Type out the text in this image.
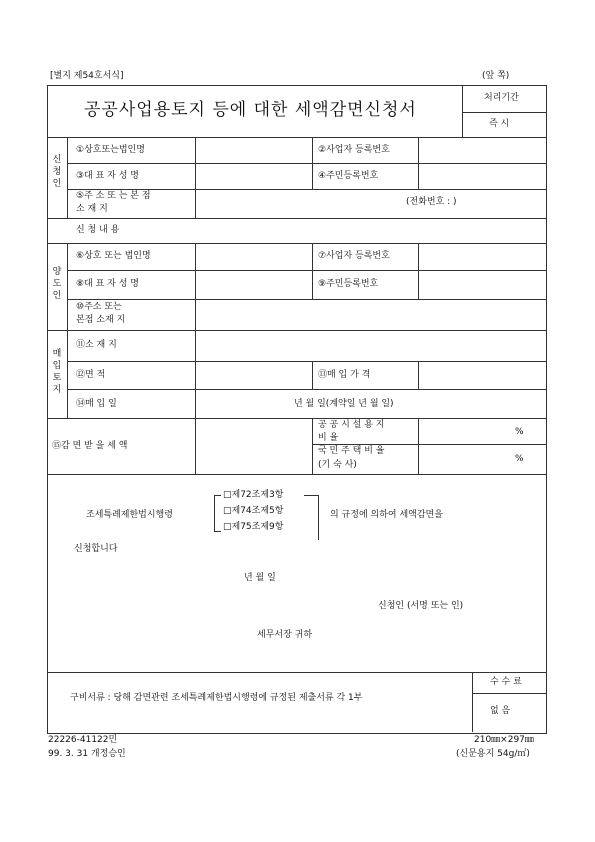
[별지 제54호서식]	(앞 쪽)
공공사업용토지 등에 대한 세액감면신청서
처리기간
즉 시
신
청
인
①상호또는법인명	②사업자 등록번호
③대 표 자 성 명	④주민등록번호
⑤주 소 또 는 본 점
소 재 지
(전화번호 : )
신 청 내 용
양
도
인
⑥상호 또는 법인명	⑦사업자 등록번호
⑧대 표 자 성 명	⑨주민등록번호
⑩주소 또는
본점 소재 지
매
입
토
지
⑪소 재 지
⑫면 적	⑬매 입 가 격
⑭매 입 일	년 월 일(계약일 년 월 일)
⑮감 면 받 을 세 액
공 공 시 설 용 지
비 율
%
국 민 주 택 비 율
(기 숙 사)
%
조세특례제한법시행령
□제72조제3항
□제74조제5항
□제75조제9항
의 규정에 의하여 세액감면을
신청합니다
년 월 일
신청인 (서명 또는 인)
세무서장 귀하
구비서류 : 당해 감면관련 조세특례제한법시행령에 규정된 제출서류 각 1부
수 수 료
없 음
22226-41122민
99. 3. 31 개정승인
210㎜×297㎜
(신문용지 54g/㎡)
